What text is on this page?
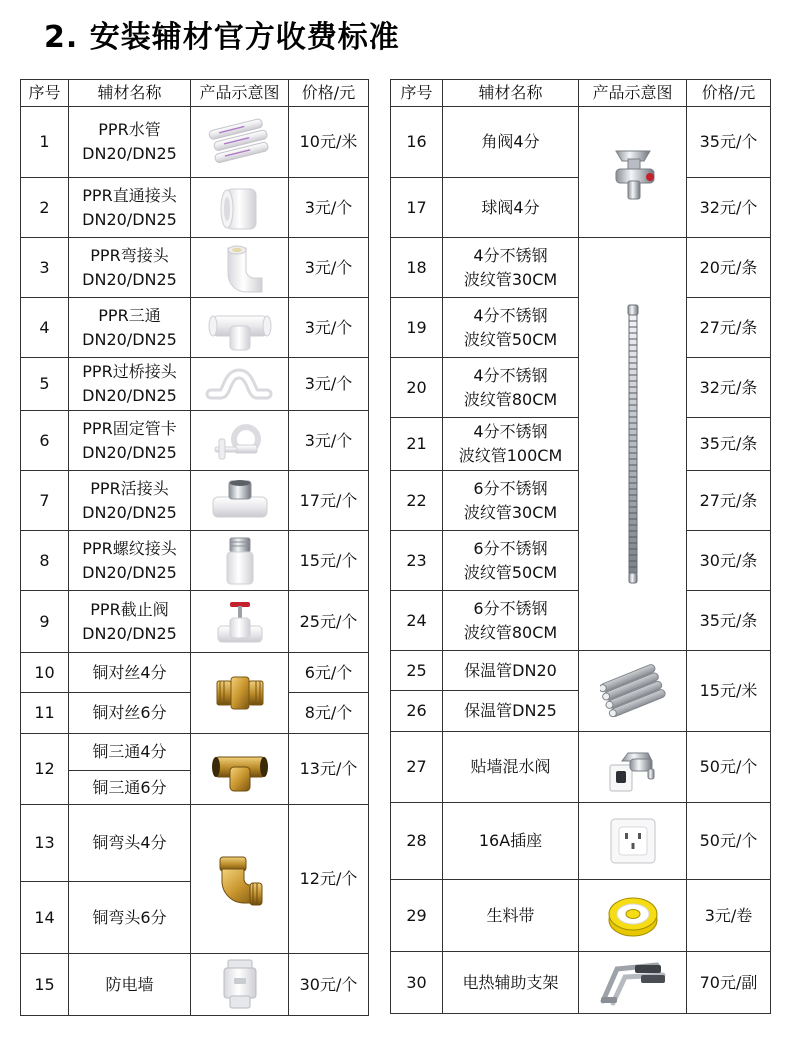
2. 安装辅材官方收费标准
序号	辅材名称	产品示意图	价格/元
1	PPR水管
DN20/DN25		10元/米
2	PPR直通接头
DN20/DN25		3元/个
3	PPR弯接头
DN20/DN25		3元/个
4	PPR三通
DN20/DN25		3元/个
5	PPR过桥接头
DN20/DN25		3元/个
6	PPR固定管卡
DN20/DN25		3元/个
7	PPR活接头
DN20/DN25		17元/个
8	PPR螺纹接头
DN20/DN25		15元/个
9	PPR截止阀
DN20/DN25		25元/个
10	铜对丝4分		6元/个
11	铜对丝6分		8元/个
12	铜三通4分		13元/个
	铜三通6分		
13	铜弯头4分		12元/个
14	铜弯头6分		
15	防电墙		30元/个
序号	辅材名称	产品示意图	价格/元
16	角阀4分		35元/个
17	球阀4分		32元/个
18	4分不锈钢
波纹管30CM		20元/条
19	4分不锈钢
波纹管50CM		27元/条
20	4分不锈钢
波纹管80CM		32元/条
21	4分不锈钢
波纹管100CM		35元/条
22	6分不锈钢
波纹管30CM		27元/条
23	6分不锈钢
波纹管50CM		30元/条
24	6分不锈钢
波纹管80CM		35元/条
25	保温管DN20		15元/米
26	保温管DN25		
27	贴墙混水阀		50元/个
28	16A插座		50元/个
29	生料带		3元/卷
30	电热辅助支架		70元/副
